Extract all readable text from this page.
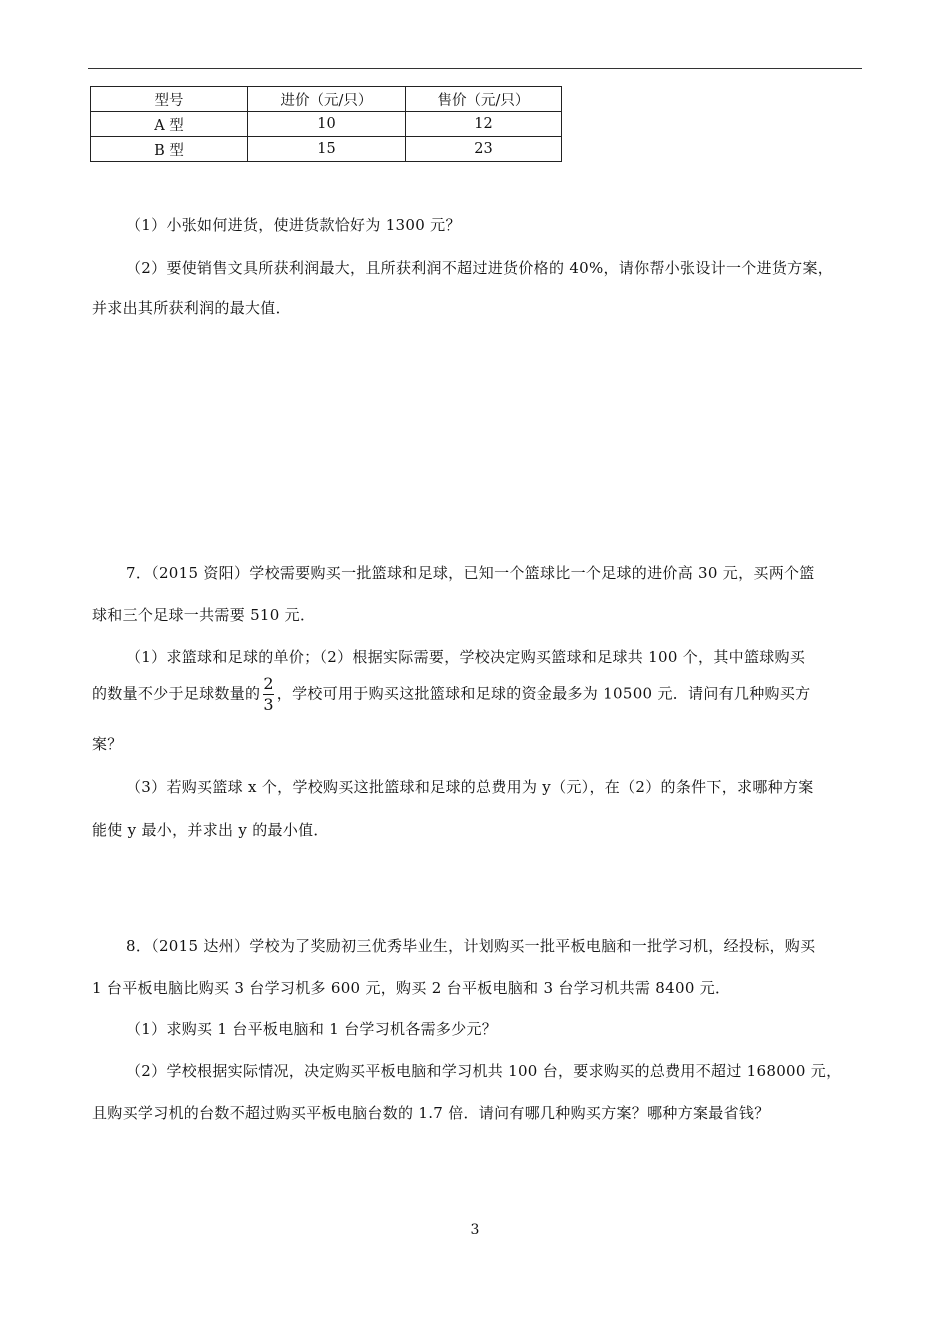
型号	进价（元/只）	售价（元/只）
A 型	10	12
B 型	15	23
（1）小张如何进货，使进货款恰好为 1300 元？
（2）要使销售文具所获利润最大，且所获利润不超过进货价格的 40%，请你帮小张设计一个进货方案，
并求出其所获利润的最大值．
7．（2015 资阳）学校需要购买一批篮球和足球，已知一个篮球比一个足球的进价高 30 元，买两个篮
球和三个足球一共需要 510 元．
（1）求篮球和足球的单价；（2）根据实际需要，学校决定购买篮球和足球共 100 个，其中篮球购买
的数量不少于足球数量的 $\frac{2}{3}$ ，学校可用于购买这批篮球和足球的资金最多为 10500 元．请问有几种购买方
案？
（3）若购买篮球 x 个，学校购买这批篮球和足球的总费用为 y（元），在（2）的条件下，求哪种方案
能使 y 最小，并求出 y 的最小值．
8．（2015 达州）学校为了奖励初三优秀毕业生，计划购买一批平板电脑和一批学习机，经投标，购买
1 台平板电脑比购买 3 台学习机多 600 元，购买 2 台平板电脑和 3 台学习机共需 8400 元．
（1）求购买 1 台平板电脑和 1 台学习机各需多少元？
（2）学校根据实际情况，决定购买平板电脑和学习机共 100 台，要求购买的总费用不超过 168000 元，
且购买学习机的台数不超过购买平板电脑台数的 1.7 倍．请问有哪几种购买方案？哪种方案最省钱？
3
